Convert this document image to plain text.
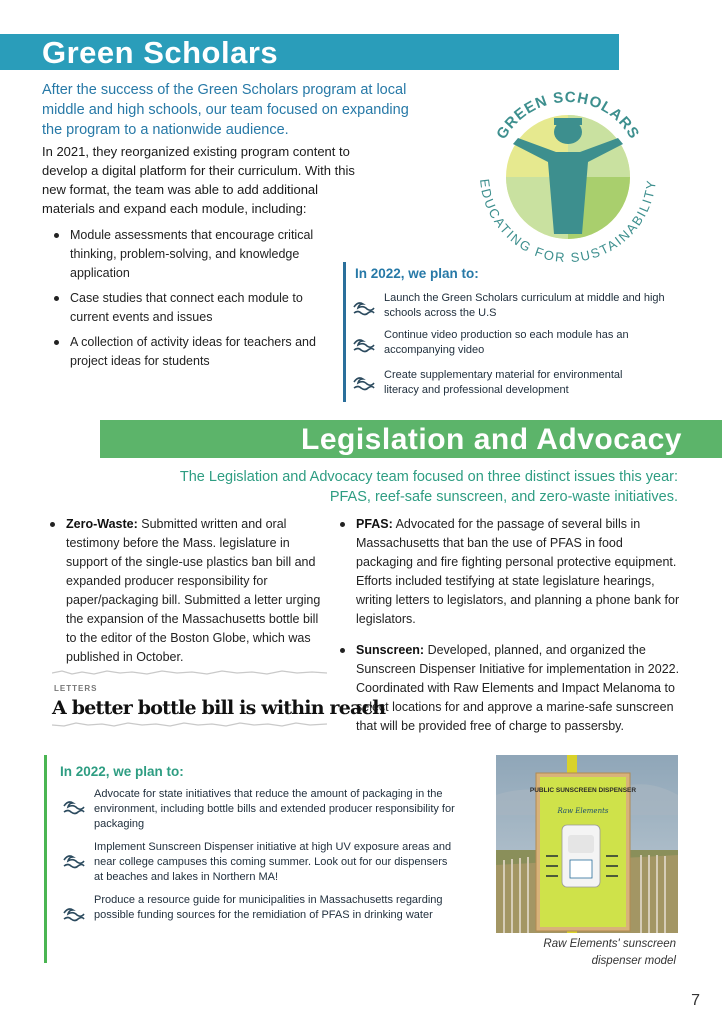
Green Scholars
After the success of the Green Scholars program at local middle and high schools, our team focused on expanding the program to a nationwide audience.
In 2021, they reorganized existing program content to develop a digital platform for their curriculum. With this new format, the team was able to add additional materials and expand each module, including:
Module assessments that encourage critical thinking, problem-solving, and knowledge application
Case studies that connect each module to current events and issues
A collection of activity ideas for teachers and project ideas for students
GREEN SCHOLARS
EDUCATING FOR SUSTAINABILITY
In 2022, we plan to:
Launch the Green Scholars curriculum at middle and high schools across the U.S
Continue video production so each module has an accompanying video
Create supplementary material for environmental literacy and professional development
Legislation and Advocacy
The Legislation and Advocacy team focused on three distinct issues this year: PFAS, reef-safe sunscreen, and zero-waste initiatives.
Zero-Waste: Submitted written and oral testimony before the Mass. legislature in support of the single-use plastics ban bill and expanded producer responsibility for paper/packaging bill. Submitted a letter urging the expansion of the Massachusetts bottle bill to the editor of the Boston Globe, which was published in October.
PFAS: Advocated for the passage of several bills in Massachusetts that ban the use of PFAS in food packaging and fire fighting personal protective equipment. Efforts included testifying at state legislature hearings, writing letters to legislators, and planning a phone bank for legislators.
Sunscreen: Developed, planned, and organized the Sunscreen Dispenser Initiative for implementation in 2022. Coordinated with Raw Elements and Impact Melanoma to select locations for and approve a marine-safe sunscreen that will be provided free of charge to passersby.
LETTERS
A better bottle bill is within reach
In 2022, we plan to:
Advocate for state initiatives that reduce the amount of packaging in the environment, including bottle bills and extended producer responsibility for packaging
Implement Sunscreen Dispenser initiative at high UV exposure areas and near college campuses this coming summer. Look out for our dispensers at beaches and lakes in Northern MA!
Produce a resource guide for municipalities in Massachusetts regarding possible funding sources for the remidiation of PFAS in drinking water
PUBLIC SUNSCREEN DISPENSER
Raw Elements
Raw Elements' sunscreen dispenser model
7
